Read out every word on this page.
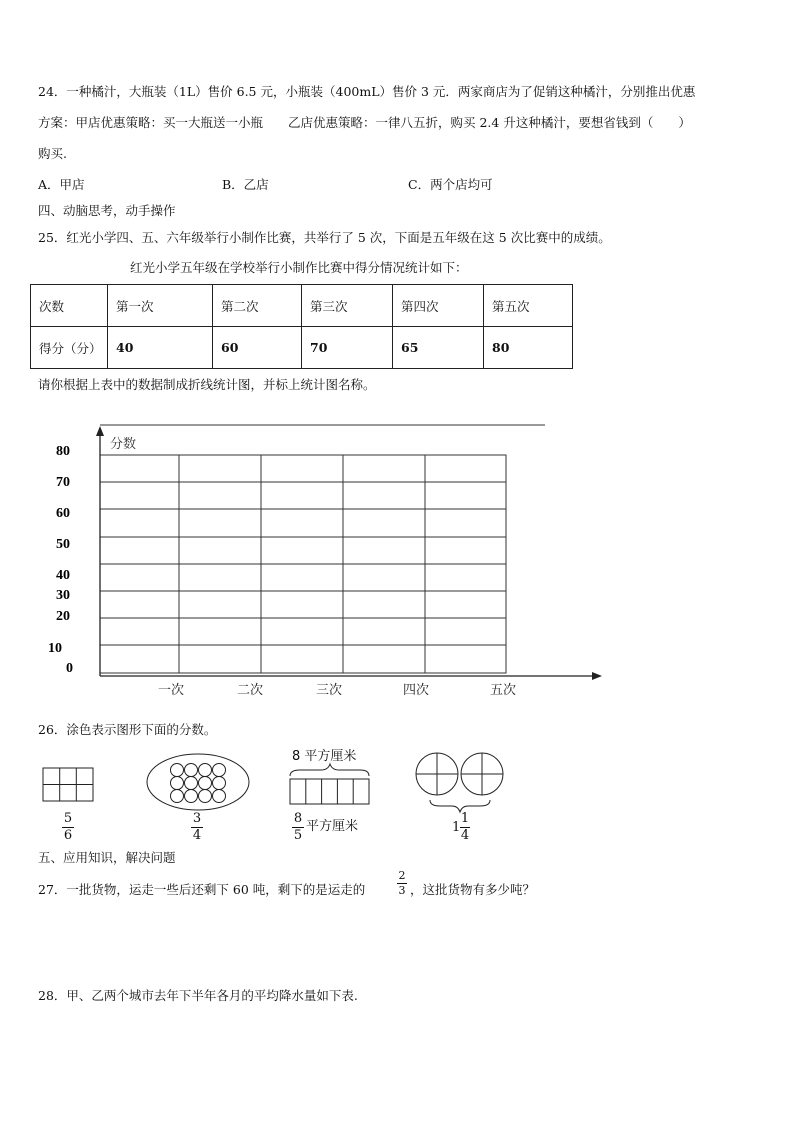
24．一种橘汁，大瓶装（1L）售价 6.5 元，小瓶装（400mL）售价 3 元．两家商店为了促销这种橘汁，分别推出优惠
方案：甲店优惠策略：买一大瓶送一小瓶　　乙店优惠策略：一律八五折，购买 2.4 升这种橘汁，要想省钱到（　　）
购买.
A．甲店	B．乙店	C．两个店均可
四、动脑思考，动手操作
25．红光小学四、五、六年级举行小制作比赛，共举行了 5 次，下面是五年级在这 5 次比赛中的成绩。
红光小学五年级在学校举行小制作比赛中得分情况统计如下：
次数	第一次	第二次	第三次	第四次	第五次
得分（分）	40	60	70	65	80
请你根据上表中的数据制成折线统计图，并标上统计图名称。
分数
0
10
20
30
40
50
60
70
80
一次	二次	三次	四次	五次
26．涂色表示图形下面的分数。
5
6
3
4
8 平方厘米
8
5
平方厘米	1
1
4
五、应用知识，解决问题
27．一批货物，运走一些后还剩下 60 吨，剩下的是运走的
2
3 ，这批货物有多少吨？
28．甲、乙两个城市去年下半年各月的平均降水量如下表.
